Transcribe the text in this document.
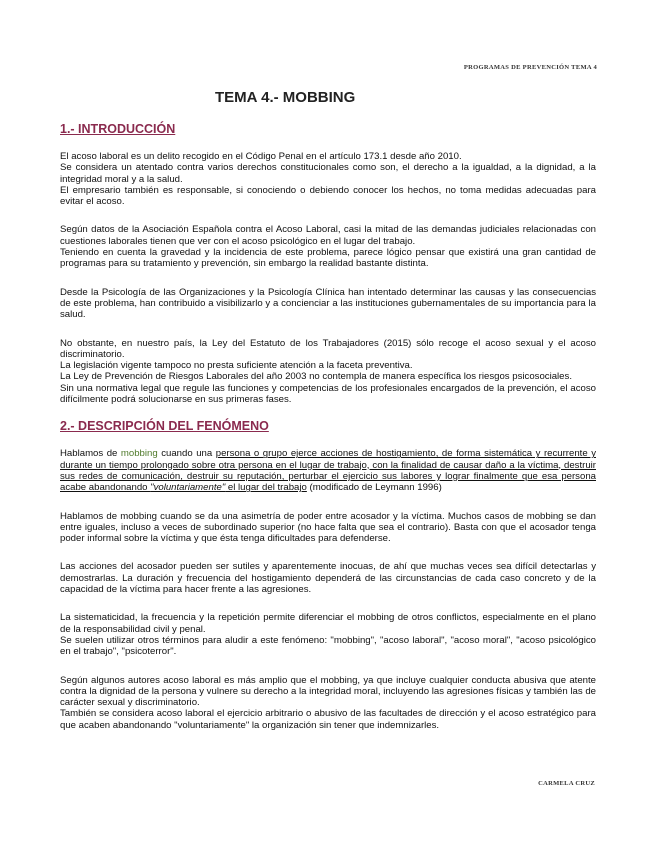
PROGRAMAS DE PREVENCIÓN TEMA 4
TEMA 4.- MOBBING
1.- INTRODUCCIÓN

El acoso laboral es un delito recogido en el Código Penal en el artículo 173.1 desde año 2010.

Se considera un atentado contra varios derechos constitucionales como son, el derecho a la igualdad, a la dignidad, a la integridad moral y a la salud.

El empresario también es responsable, si conociendo o debiendo conocer los hechos, no toma medidas adecuadas para evitar el acoso.

Según datos de la Asociación Española contra el Acoso Laboral, casi la mitad de las demandas judiciales relacionadas con cuestiones laborales tienen que ver con el acoso psicológico en el lugar del trabajo.

Teniendo en cuenta la gravedad y la incidencia de este problema, parece lógico pensar que existirá una gran cantidad de programas para su tratamiento y prevención, sin embargo la realidad bastante distinta.

Desde la Psicología de las Organizaciones y la Psicología Clínica han intentado determinar las causas y las consecuencias de este problema, han contribuido a visibilizarlo y a concienciar a las instituciones gubernamentales de su importancia para la salud.

No obstante, en nuestro país, la Ley del Estatuto de los Trabajadores (2015) sólo recoge el acoso sexual y el acoso discriminatorio.

La legislación vigente tampoco no presta suficiente atención a la faceta preventiva.

La Ley de Prevención de Riesgos Laborales del año 2003 no contempla de manera específica los riesgos psicosociales.

Sin una normativa legal que regule las funciones y competencias de los profesionales encargados de la prevención, el acoso difícilmente podrá solucionarse en sus primeras fases.

2.- DESCRIPCIÓN DEL FENÓMENO

Hablamos de mobbing cuando una persona o grupo ejerce acciones de hostigamiento, de forma sistemática y recurrente y durante un tiempo prolongado sobre otra persona en el lugar de trabajo, con la finalidad de causar daño a la víctima, destruir sus redes de comunicación, destruir su reputación, perturbar el ejercicio sus labores y lograr finalmente que esa persona acabe abandonando "voluntariamente" el lugar del trabajo (modificado de Leymann 1996)

Hablamos de mobbing cuando se da una asimetría de poder entre acosador y la víctima. Muchos casos de mobbing se dan entre iguales, incluso a veces de subordinado superior (no hace falta que sea el contrario). Basta con que el acosador tenga poder informal sobre la víctima y que ésta tenga dificultades para defenderse.

Las acciones del acosador pueden ser sutiles y aparentemente inocuas, de ahí que muchas veces sea difícil detectarlas y demostrarlas. La duración y frecuencia del hostigamiento dependerá de las circunstancias de cada caso concreto y de la capacidad de la víctima para hacer frente a las agresiones.

La sistematicidad, la frecuencia y la repetición permite diferenciar el mobbing de otros conflictos, especialmente en el plano de la responsabilidad civil y penal.

Se suelen utilizar otros términos para aludir a este fenómeno: "mobbing", "acoso laboral", "acoso moral", "acoso psicológico en el trabajo", "psicoterror".

Según algunos autores acoso laboral es más amplio que el mobbing, ya que incluye cualquier conducta abusiva que atente contra la dignidad de la persona y vulnere su derecho a la integridad moral, incluyendo las agresiones físicas y también las de carácter sexual y discriminatorio.

También se considera acoso laboral el ejercicio arbitrario o abusivo de las facultades de dirección y el acoso estratégico para que acaben abandonando "voluntariamente" la organización sin tener que indemnizarles.

CARMELA CRUZ
